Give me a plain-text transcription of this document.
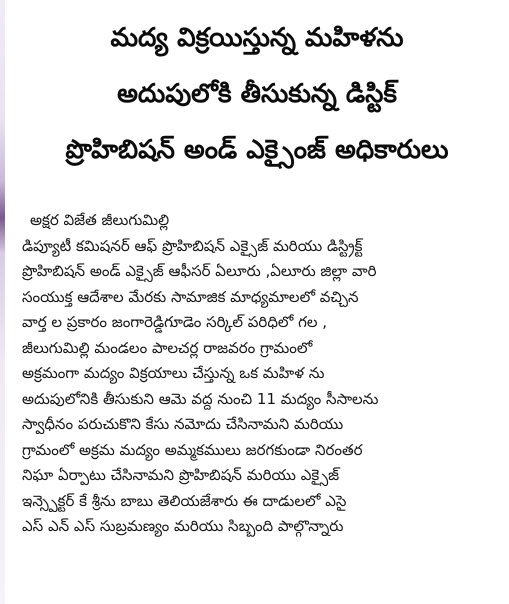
మద్య విక్రయిస్తున్న మహిళను
అదుపులోకి తీసుకున్న డిస్టిక్
ప్రొహిబిషన్ అండ్ ఎక్సైంజ్ అధికారులు
అక్షర విజేత జీలుగుమిల్లి
డిప్యూటీ కమిషనర్ ఆఫ్ ప్రొహిబిషన్ ఎక్సైజ్ మరియు డిస్ట్రిక్ట్
ప్రొహిబిషన్ అండ్ ఎక్సైజ్ ఆఫీసర్ ఏలూరు ,ఏలూరు జిల్లా వారి
సంయుక్త ఆదేశాల మేరకు సామాజిక మాధ్యమాలలో వచ్చిన
వార్త ల ప్రకారం జంగారెడ్డిగూడెం సర్కిల్ పరిధిలో గల ,
జీలుగుమిల్లి మండలం పాలచర్ల రాజవరం గ్రామంలో
అక్రమంగా మద్యం విక్రయాలు చేస్తున్న ఒక మహిళ ను
అదుపులోనికి తీసుకుని ఆమె వద్ద నుంచి 11 మద్యం సీసాలను
స్వాధీనం పరుచుకొని కేసు నమోదు చేసినామని మరియు
గ్రామంలో అక్రమ మద్యం అమ్మకములు జరగకుండా నిరంతర
నిఘా ఏర్పాటు చేసినామని ప్రొహిబిషన్ మరియు ఎక్సైజ్
ఇన్స్పెక్టర్ కే శ్రీను బాబు తెలియజేశారు ఈ దాడులలో ఎసై
ఎస్ ఎన్ ఎస్ సుబ్రమణ్యం మరియు సిబ్బంది పాల్గొన్నారు
